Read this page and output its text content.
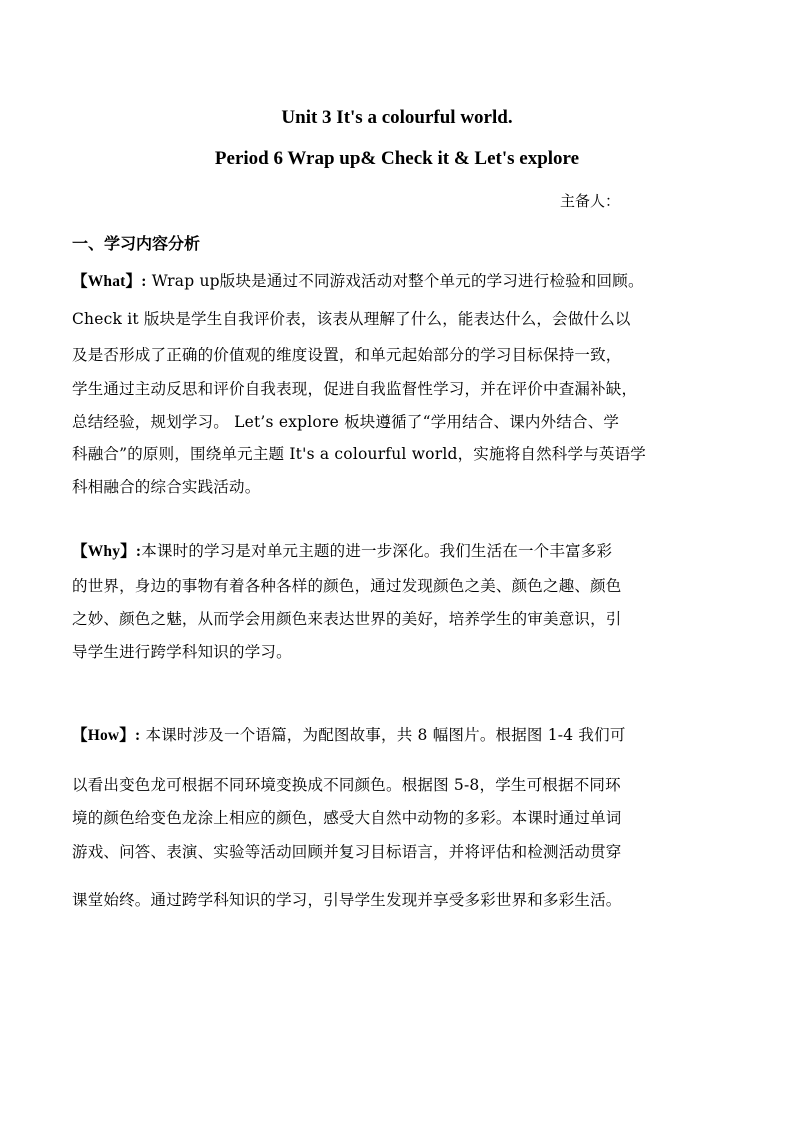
Unit 3 It's a colourful world.
Period 6 Wrap up& Check it & Let's explore
主备人：
一、学习内容分析
【What】: Wrap up版块是通过不同游戏活动对整个单元的学习进行检验和回顾。
Check it 版块是学生自我评价表，该表从理解了什么，能表达什么，会做什么以
及是否形成了正确的价值观的维度设置，和单元起始部分的学习目标保持一致，
学生通过主动反思和评价自我表现，促进自我监督性学习，并在评价中查漏补缺，
总结经验，规划学习。 Let’s explore 板块遵循了“学用结合、课内外结合、学
科融合”的原则，围绕单元主题 It's a colourful world，实施将自然科学与英语学
科相融合的综合实践活动。
【Why】:本课时的学习是对单元主题的进一步深化。我们生活在一个丰富多彩
的世界，身边的事物有着各种各样的颜色，通过发现颜色之美、颜色之趣、颜色
之妙、颜色之魅，从而学会用颜色来表达世界的美好，培养学生的审美意识，引
导学生进行跨学科知识的学习。
【How】: 本课时涉及一个语篇，为配图故事，共 8 幅图片。根据图 1-4 我们可
以看出变色龙可根据不同环境变换成不同颜色。根据图 5-8，学生可根据不同环
境的颜色给变色龙涂上相应的颜色，感受大自然中动物的多彩。本课时通过单词
游戏、问答、表演、实验等活动回顾并复习目标语言，并将评估和检测活动贯穿
课堂始终。通过跨学科知识的学习，引导学生发现并享受多彩世界和多彩生活。
